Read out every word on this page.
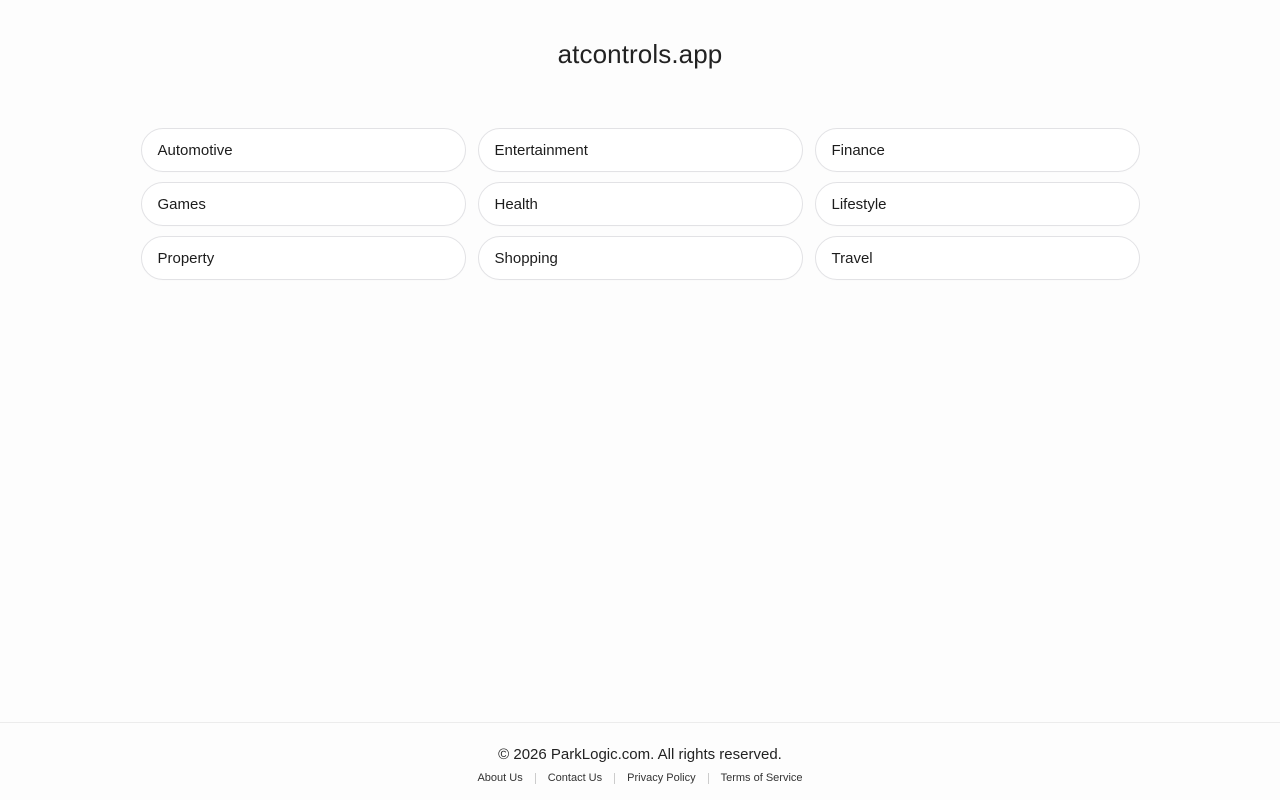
atcontrols.app
Automotive	Entertainment	Finance
Games	Health	Lifestyle
Property	Shopping	Travel

© 2026 ParkLogic.com. All rights reserved.

About Us	Contact Us	Privacy Policy	Terms of Service
